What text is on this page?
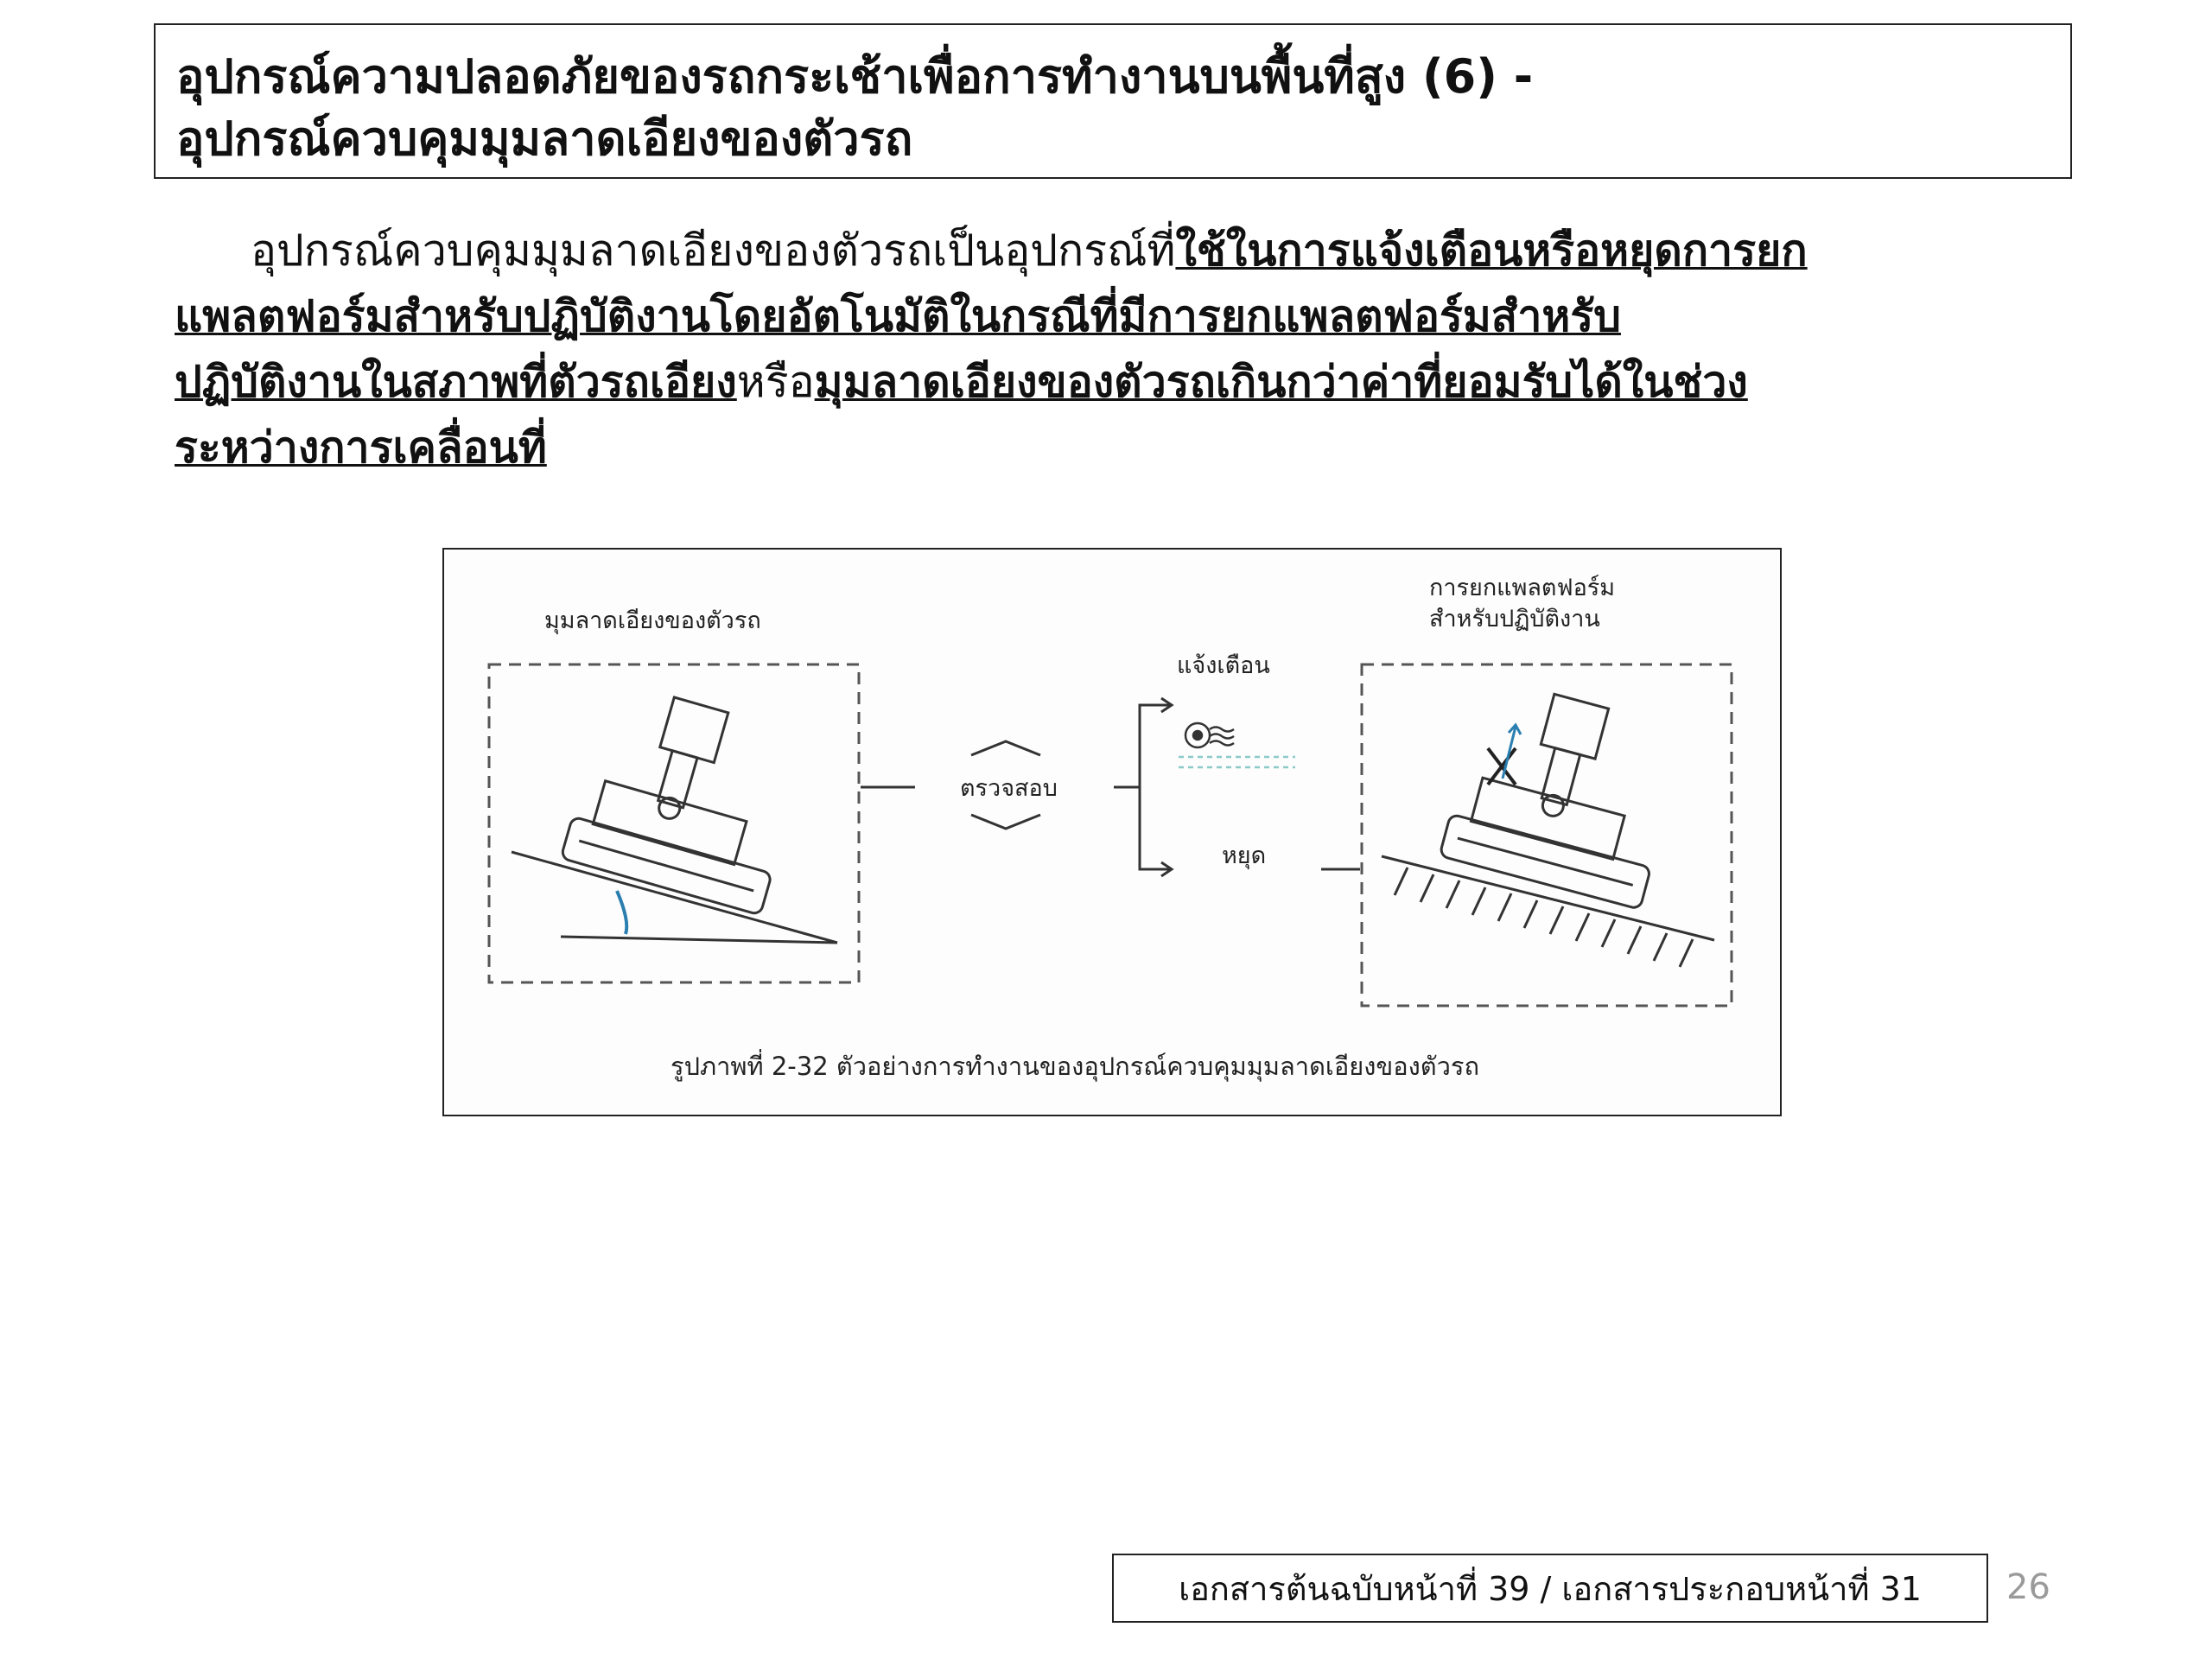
อุปกรณ์ความปลอดภัยของรถกระเช้าเพื่อการทำงานบนพื้นที่สูง (6) -
อุปกรณ์ควบคุมมุมลาดเอียงของตัวรถ
อุปกรณ์ควบคุมมุมลาดเอียงของตัวรถเป็นอุปกรณ์ที่ใช้ในการแจ้งเตือนหรือหยุดการยก
แพลตฟอร์มสำหรับปฏิบัติงานโดยอัตโนมัติในกรณีที่มีการยกแพลตฟอร์มสำหรับ
ปฏิบัติงานในสภาพที่ตัวรถเอียงหรือมุมลาดเอียงของตัวรถเกินกว่าค่าที่ยอมรับได้ในช่วง
ระหว่างการเคลื่อนที่
มุมลาดเอียงของตัวรถ
การยกแพลตฟอร์ม
สำหรับปฏิบัติงาน
แจ้งเตือน
ตรวจสอบ
หยุด
รูปภาพที่ 2-32 ตัวอย่างการทำงานของอุปกรณ์ควบคุมมุมลาดเอียงของตัวรถ
เอกสารต้นฉบับหน้าที่ 39 / เอกสารประกอบหน้าที่ 31 26
